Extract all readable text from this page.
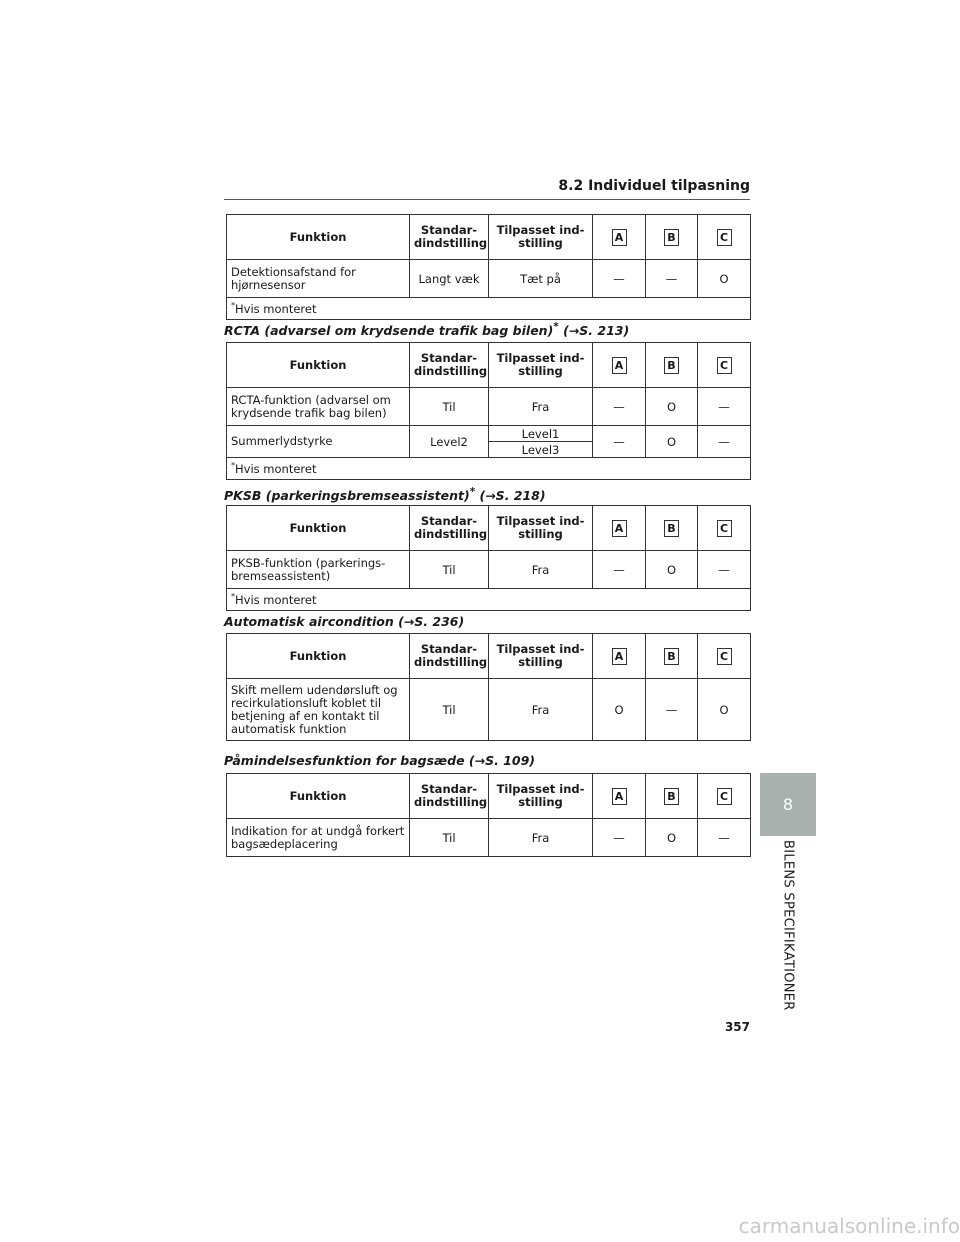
8.2 Individuel tilpasning
Funktion	Standar-
dindstilling	Tilpasset ind-
stilling	A	B	C
Detektionsafstand for
hjørnesensor	Langt væk	Tæt på	—	—	O
*Hvis monteret					
RCTA (advarsel om krydsende trafik bag bilen)* (→S. 213)
Funktion	Standar-
dindstilling	Tilpasset ind-
stilling	A	B	C
RCTA-funktion (advarsel om
krydsende trafik bag bilen)	Til	Fra	—	O	—
Summerlydstyrke	Level2	Level1	—	O	—
		Level3			
*Hvis monteret					
PKSB (parkeringsbremseassistent)* (→S. 218)
Funktion	Standar-
dindstilling	Tilpasset ind-
stilling	A	B	C
PKSB-funktion (parkerings-
bremseassistent)	Til	Fra	—	O	—
*Hvis monteret					
Automatisk aircondition (→S. 236)
Funktion	Standar-
dindstilling	Tilpasset ind-
stilling	A	B	C
Skift mellem udendørsluft og
recirkulationsluft koblet til
betjening af en kontakt til
automatisk funktion	Til	Fra	O	—	O
Påmindelsesfunktion for bagsæde (→S. 109)
Funktion	Standar-
dindstilling	Tilpasset ind-
stilling	A	B	C
Indikation for at undgå forkert
bagsædeplacering	Til	Fra	—	O	—
8
BILENS SPECIFIKATIONER
357
carmanualsonline.info
